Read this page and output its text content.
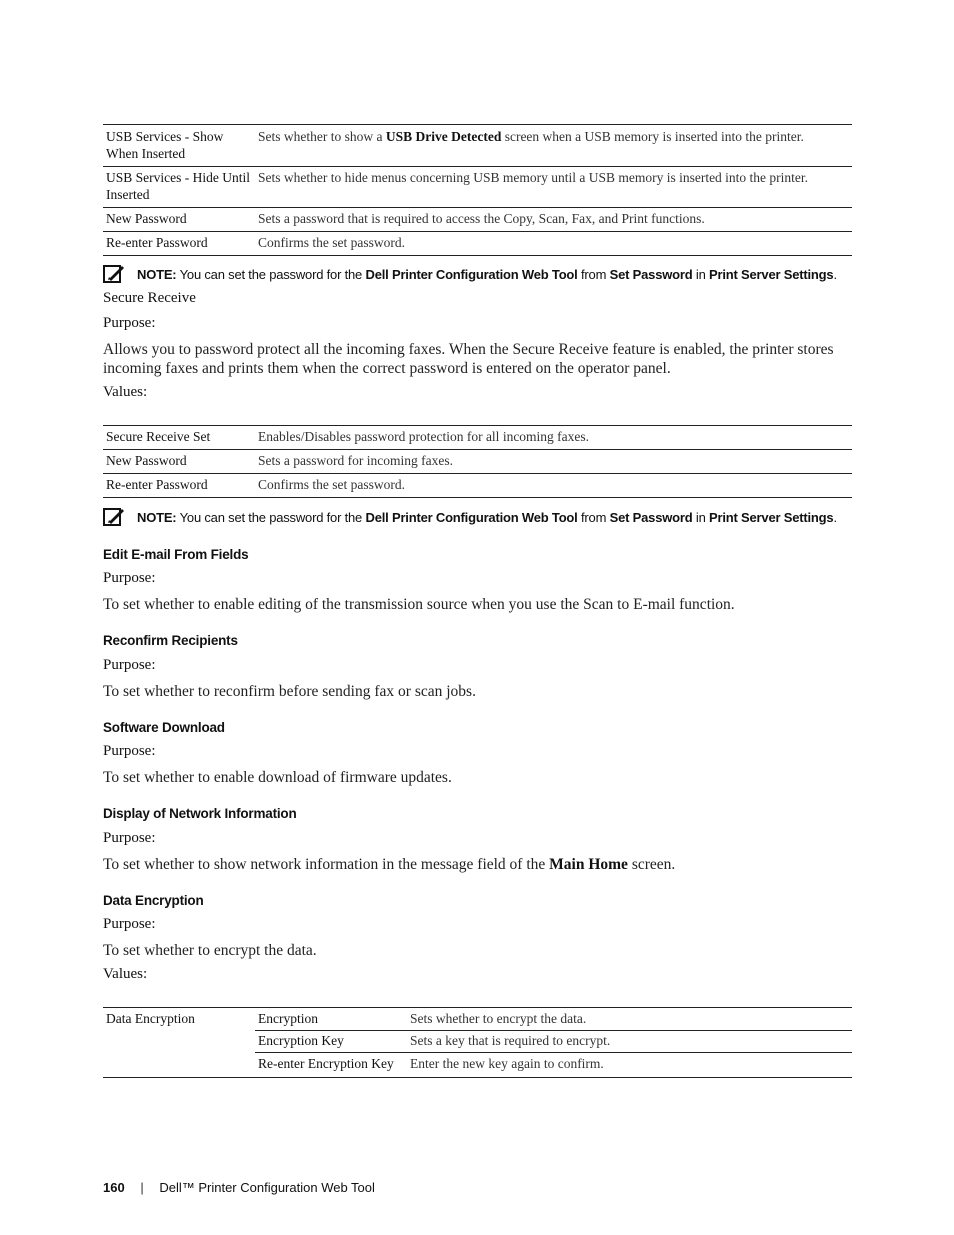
USB Services - Show When Inserted	Sets whether to show a USB Drive Detected screen when a USB memory is inserted into the printer.
USB Services - Hide Until Inserted	Sets whether to hide menus concerning USB memory until a USB memory is inserted into the printer.
New Password	Sets a password that is required to access the Copy, Scan, Fax, and Print functions.
Re-enter Password	Confirms the set password.
NOTE: You can set the password for the Dell Printer Configuration Web Tool from Set Password in Print Server Settings.
Secure Receive
Purpose:
Allows you to password protect all the incoming faxes. When the Secure Receive feature is enabled, the printer stores incoming faxes and prints them when the correct password is entered on the operator panel.
Values:
Secure Receive Set	Enables/Disables password protection for all incoming faxes.
New Password	Sets a password for incoming faxes.
Re-enter Password	Confirms the set password.
NOTE: You can set the password for the Dell Printer Configuration Web Tool from Set Password in Print Server Settings.
Edit E-mail From Fields
Purpose:
To set whether to enable editing of the transmission source when you use the Scan to E-mail function.
Reconfirm Recipients
Purpose:
To set whether to reconfirm before sending fax or scan jobs.
Software Download
Purpose:
To set whether to enable download of firmware updates.
Display of Network Information
Purpose:
To set whether to show network information in the message field of the Main Home screen.
Data Encryption
Purpose:
To set whether to encrypt the data.
Values:
Data Encryption	Encryption	Sets whether to encrypt the data.
	Encryption Key	Sets a key that is required to encrypt.
	Re-enter Encryption Key	Enter the new key again to confirm.
160 | Dell™ Printer Configuration Web Tool
